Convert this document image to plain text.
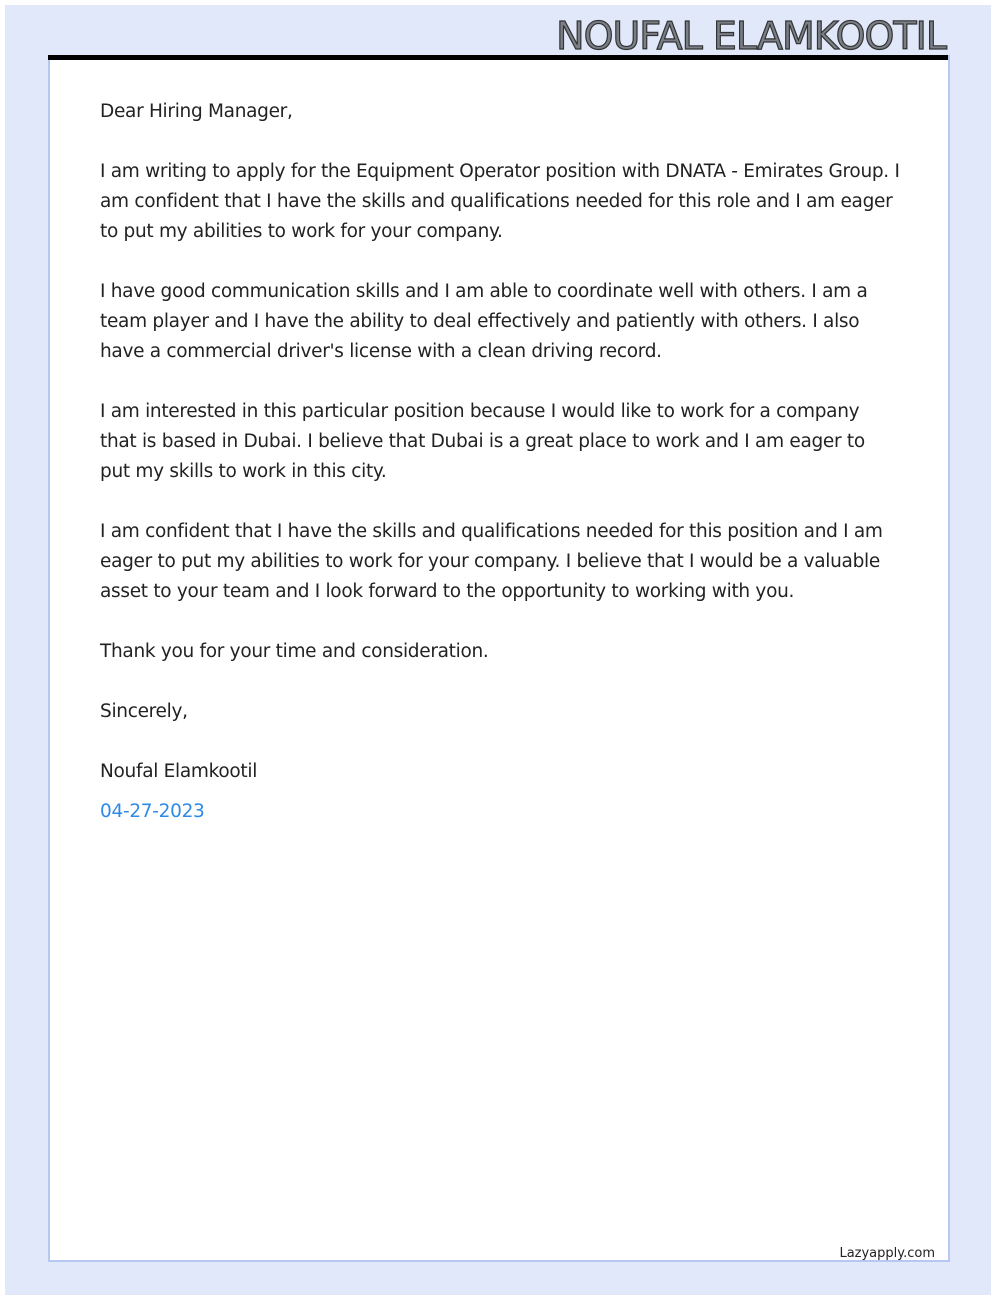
NOUFAL ELAMKOOTIL

Dear Hiring Manager,

I am writing to apply for the Equipment Operator position with DNATA - Emirates Group. I am confident that I have the skills and qualifications needed for this role and I am eager to put my abilities to work for your company.

I have good communication skills and I am able to coordinate well with others. I am a team player and I have the ability to deal effectively and patiently with others. I also have a commercial driver's license with a clean driving record.

I am interested in this particular position because I would like to work for a company that is based in Dubai. I believe that Dubai is a great place to work and I am eager to put my skills to work in this city.

I am confident that I have the skills and qualifications needed for this position and I am eager to put my abilities to work for your company. I believe that I would be a valuable asset to your team and I look forward to the opportunity to working with you.

Thank you for your time and consideration.

Sincerely,

Noufal Elamkootil

04-27-2023

Lazyapply.com
